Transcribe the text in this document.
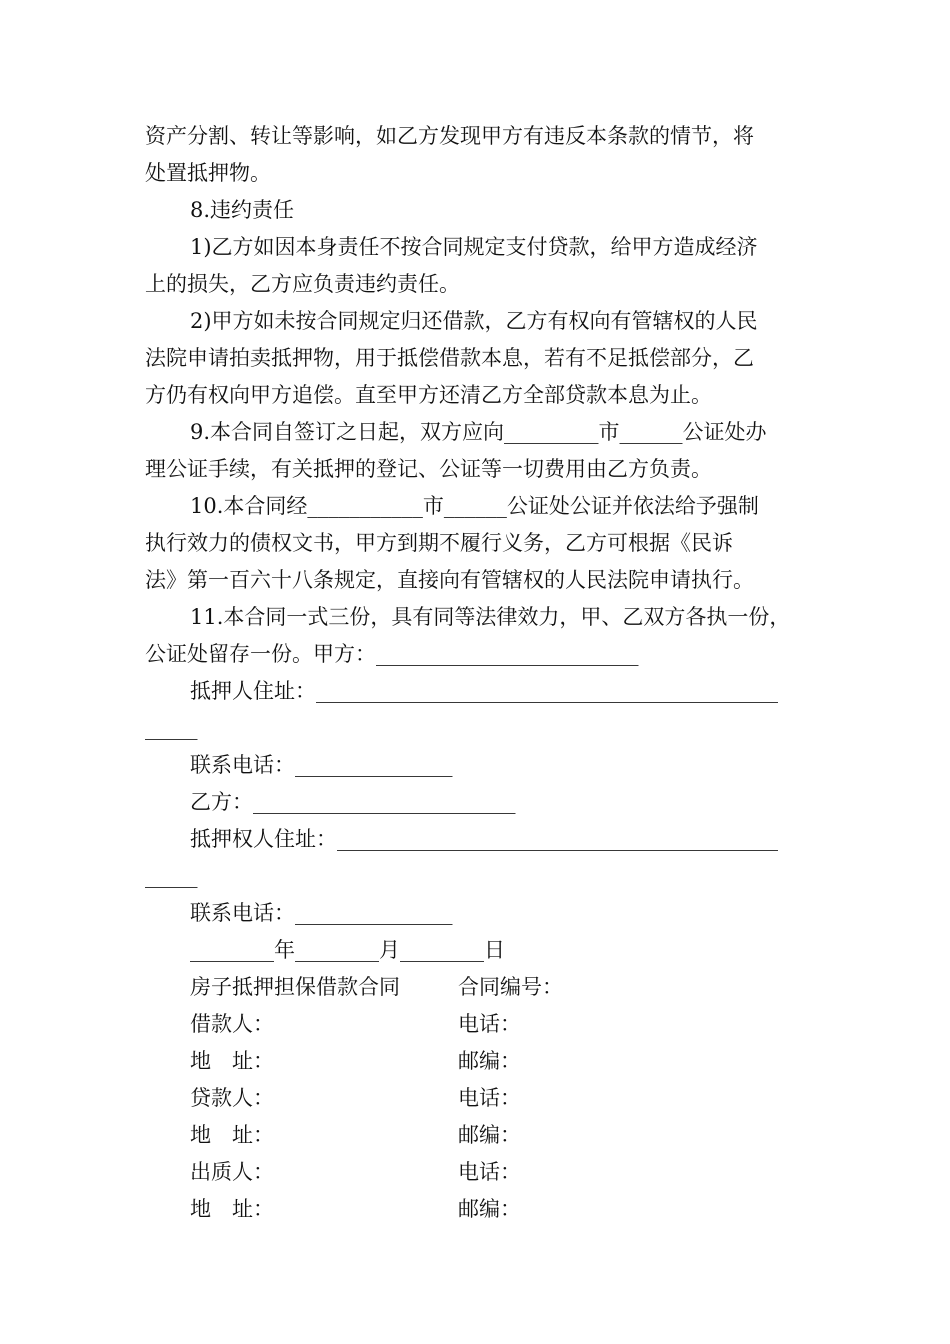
资产分割、转让等影响，如乙方发现甲方有违反本条款的情节，将
处置抵押物。
8.违约责任
1)乙方如因本身责任不按合同规定支付贷款，给甲方造成经济
上的损失，乙方应负责违约责任。
2)甲方如未按合同规定归还借款，乙方有权向有管辖权的人民
法院申请拍卖抵押物，用于抵偿借款本息，若有不足抵偿部分，乙
方仍有权向甲方追偿。直至甲方还清乙方全部贷款本息为止。
9.本合同自签订之日起，双方应向_________市______公证处办
理公证手续，有关抵押的登记、公证等一切费用由乙方负责。
10.本合同经___________市______公证处公证并依法给予强制
执行效力的债权文书，甲方到期不履行义务，乙方可根据《民诉
法》第一百六十八条规定，直接向有管辖权的人民法院申请执行。
11.本合同一式三份，具有同等法律效力，甲、乙双方各执一份，
公证处留存一份。甲方：_________________________
抵押人住址：____________________________________________
_____
联系电话：_______________
乙方：_________________________
抵押权人住址：__________________________________________
_____
联系电话：_______________
________年________月________日
房子抵押担保借款合同	合同编号：
借款人：	电话：
地　址：	邮编：
贷款人：	电话：
地　址：	邮编：
出质人：	电话：
地　址：	邮编：
